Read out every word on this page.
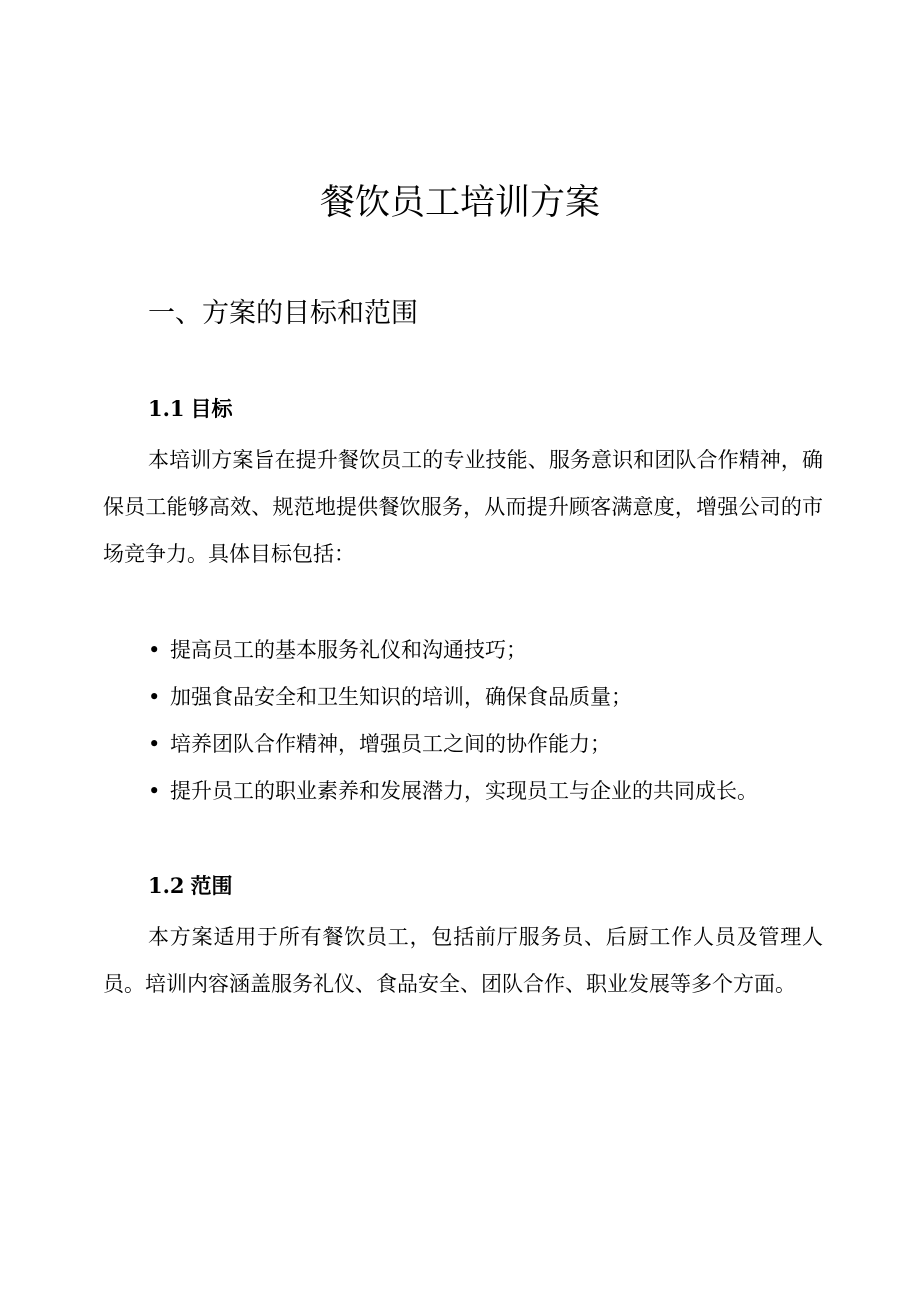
餐饮员工培训方案
一、方案的目标和范围
1.1 目标

本培训方案旨在提升餐饮员工的专业技能、服务意识和团队合作精神，确保员工能够高效、规范地提供餐饮服务，从而提升顾客满意度，增强公司的市场竞争力。具体目标包括：

• 提高员工的基本服务礼仪和沟通技巧；
• 加强食品安全和卫生知识的培训，确保食品质量；
• 培养团队合作精神，增强员工之间的协作能力；
• 提升员工的职业素养和发展潜力，实现员工与企业的共同成长。
1.2 范围

本方案适用于所有餐饮员工，包括前厅服务员、后厨工作人员及管理人员。培训内容涵盖服务礼仪、食品安全、团队合作、职业发展等多个方面。
